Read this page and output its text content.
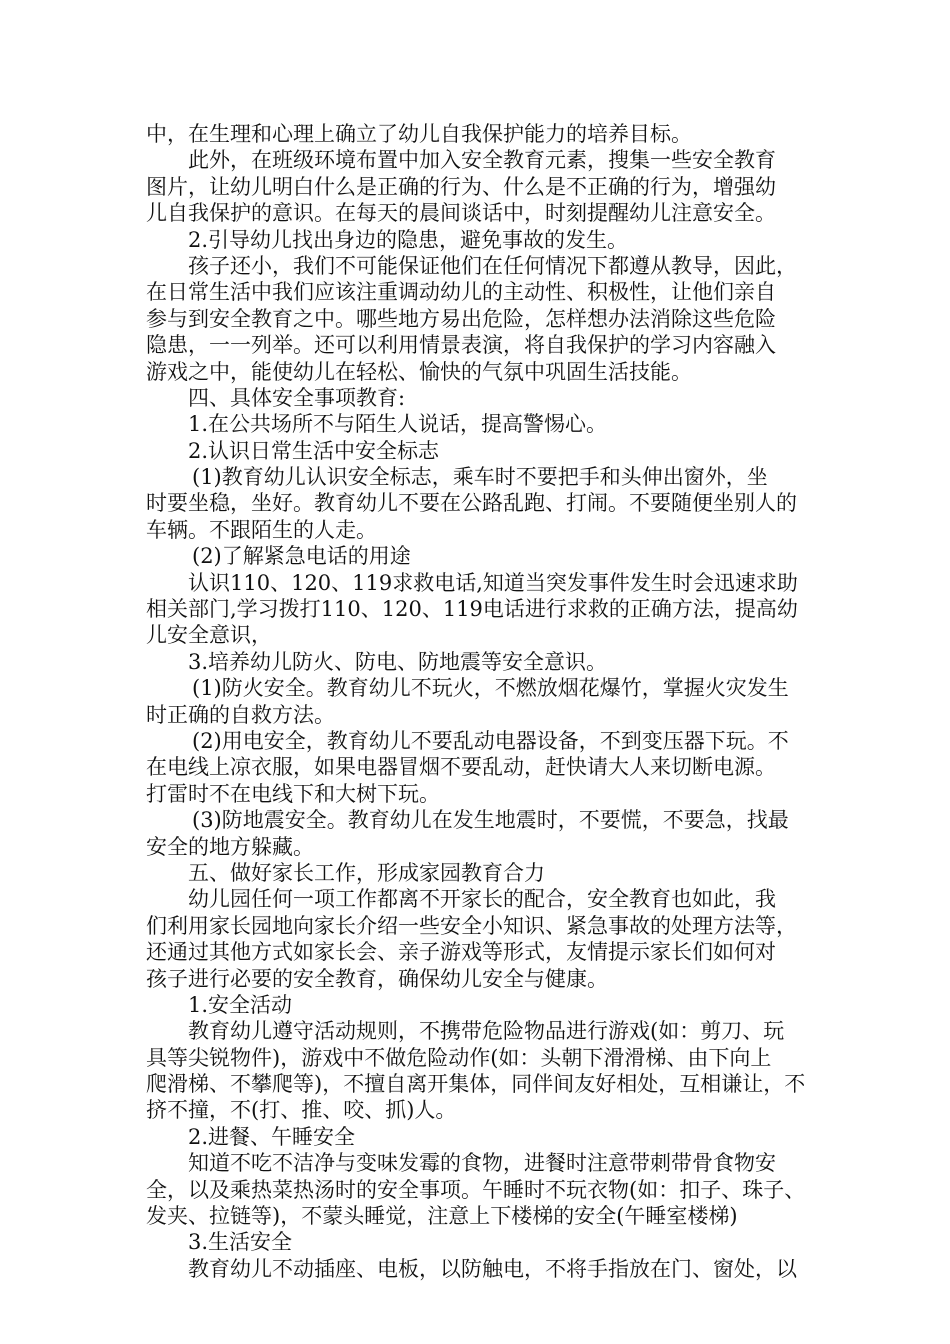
中，在生理和心理上确立了幼儿自我保护能力的培养目标。
此外，在班级环境布置中加入安全教育元素，搜集一些安全教育
图片，让幼儿明白什么是正确的行为、什么是不正确的行为，增强幼
儿自我保护的意识。在每天的晨间谈话中，时刻提醒幼儿注意安全。
2.引导幼儿找出身边的隐患，避免事故的发生。
孩子还小，我们不可能保证他们在任何情况下都遵从教导，因此，
在日常生活中我们应该注重调动幼儿的主动性、积极性，让他们亲自
参与到安全教育之中。哪些地方易出危险，怎样想办法消除这些危险
隐患，一一列举。还可以利用情景表演，将自我保护的学习内容融入
游戏之中，能使幼儿在轻松、愉快的气氛中巩固生活技能。
四、具体安全事项教育:
1.在公共场所不与陌生人说话，提高警惕心。
2.认识日常生活中安全标志
(1)教育幼儿认识安全标志，乘车时不要把手和头伸出窗外，坐
时要坐稳，坐好。教育幼儿不要在公路乱跑、打闹。不要随便坐别人的
车辆。不跟陌生的人走。
(2)了解紧急电话的用途
认识110、120、119求救电话,知道当突发事件发生时会迅速求助
相关部门,学习拨打110、120、119电话进行求救的正确方法，提高幼
儿安全意识，
3.培养幼儿防火、防电、防地震等安全意识。
(1)防火安全。教育幼儿不玩火，不燃放烟花爆竹，掌握火灾发生
时正确的自救方法。
(2)用电安全，教育幼儿不要乱动电器设备，不到变压器下玩。不
在电线上凉衣服，如果电器冒烟不要乱动，赶快请大人来切断电源。
打雷时不在电线下和大树下玩。
(3)防地震安全。教育幼儿在发生地震时，不要慌，不要急，找最
安全的地方躲藏。
五、做好家长工作，形成家园教育合力
幼儿园任何一项工作都离不开家长的配合，安全教育也如此，我
们利用家长园地向家长介绍一些安全小知识、紧急事故的处理方法等，
还通过其他方式如家长会、亲子游戏等形式，友情提示家长们如何对
孩子进行必要的安全教育，确保幼儿安全与健康。
1.安全活动
教育幼儿遵守活动规则，不携带危险物品进行游戏(如：剪刀、玩
具等尖锐物件)，游戏中不做危险动作(如：头朝下滑滑梯、由下向上
爬滑梯、不攀爬等)，不擅自离开集体，同伴间友好相处，互相谦让，不
挤不撞，不(打、推、咬、抓)人。
2.进餐、午睡安全
知道不吃不洁净与变味发霉的食物，进餐时注意带刺带骨食物安
全，以及乘热菜热汤时的安全事项。午睡时不玩衣物(如：扣子、珠子、
发夹、拉链等)，不蒙头睡觉，注意上下楼梯的安全(午睡室楼梯)
3.生活安全
教育幼儿不动插座、电板，以防触电，不将手指放在门、窗处，以
